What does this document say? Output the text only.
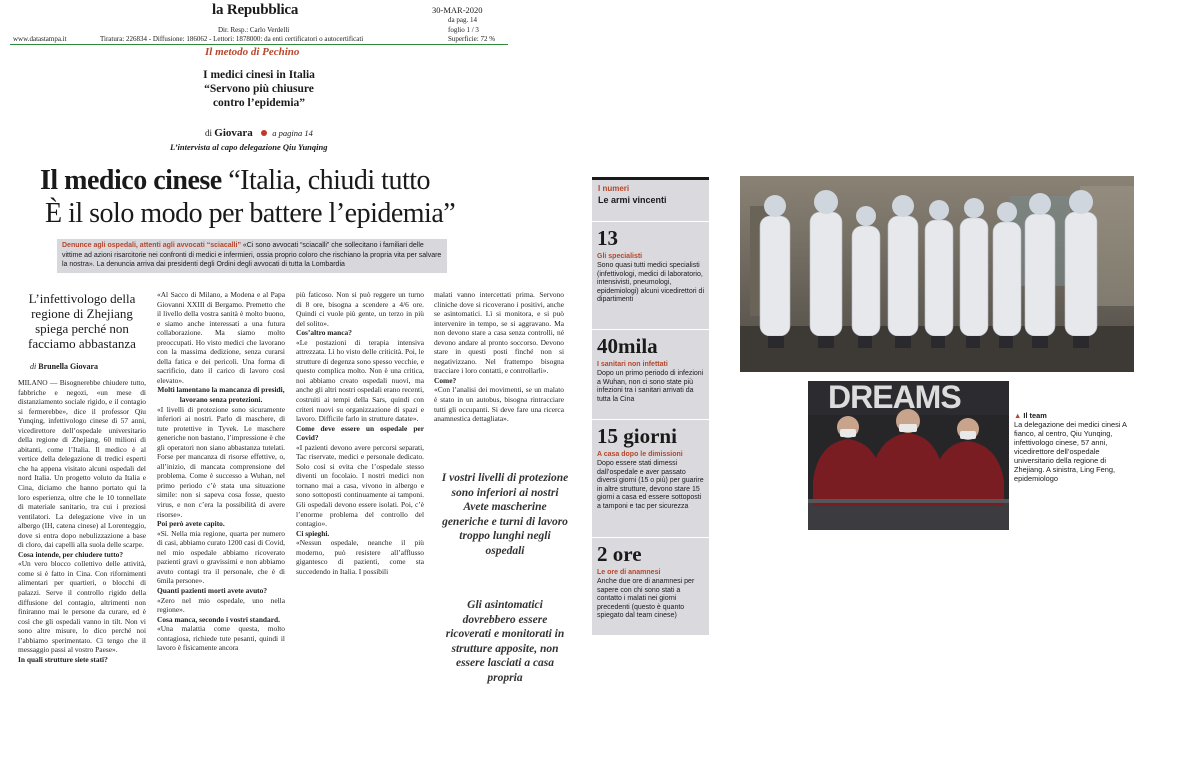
la Repubblica	30-MAR-2020
da pag. 14
Dir. Resp.: Carlo Verdelli	foglio 1 / 3
www.datastampa.it	Tiratura: 226834 - Diffusione: 186062 - Lettori: 1878000: da enti certificatori o autocertificati	Superficie: 72 %
Il metodo di Pechino
I medici cinesi in Italia
“Servono più chiusure
contro l’epidemia”
di Giovara a pagina 14
L’intervista al capo delegazione Qiu Yunqing
Il medico cinese “Italia, chiudi tutto
È il solo modo per battere l’epidemia”
Denunce agli ospedali, attenti agli avvocati “sciacalli” «Ci sono avvocati “sciacalli” che sollecitano i familiari delle vittime ad azioni risarcitorie nei confronti di medici e infermieri, ossia proprio coloro che rischiano la propria vita per salvare la nostra». La denuncia arriva dai presidenti degli Ordini degli avvocati di tutta la Lombardia
L’infettivologo della
regione di Zhejiang
spiega perché non
facciamo abbastanza
di Brunella Giovara

MILANO — Bisognerebbe chiudere tutto, fabbriche e negozi, «un mese di distanziamento sociale rigido, e il contagio si fermerebbe», dice il professor Qiu Yunqing, infettivologo cinese di 57 anni, vicedirettore dell’ospedale universitario della regione di Zhejiang, 60 milioni di abitanti, come l’Italia. Il medico è al vertice della delegazione di tredici esperti che ha appena visitato alcuni ospedali del nord Italia. Un progetto voluto da Italia e Cina, diciamo che hanno portato qui la loro esperienza, oltre che le 10 tonnellate di materiale sanitario, tra cui i preziosi ventilatori. La delegazione vive in un albergo (IH, catena cinese) al Lorenteggio, dove si entra dopo nebulizzazione a base di cloro, dai capelli alla suola delle scarpe.

Cosa intende, per chiudere tutto?

«Un vero blocco collettivo delle attività, come si è fatto in Cina. Con rifornimenti alimentari per quartieri, o blocchi di palazzi. Serve il controllo rigido della diffusione del contagio, altrimenti non finiranno mai le persone da curare, ed è così che gli ospedali vanno in tilt. Non vi sono altre misure, lo dico perché noi l’abbiamo sperimentato. Ci tengo che il messaggio passi al vostro Paese».

In quali strutture siete stati?

«Al Sacco di Milano, a Modena e al Papa Giovanni XXIII di Bergamo. Premetto che il livello della vostra sanità è molto buono, e siamo anche interessati a una futura collaborazione. Ma siamo molto preoccupati. Ho visto medici che lavorano con la massima dedizione, senza curarsi della fatica e dei pericoli. Una forma di sacrificio, dato il carico di lavoro così elevato».

Molti lamentano la mancanza di presidi, lavorano senza protezioni.

«I livelli di protezione sono sicuramente inferiori ai nostri. Parlo di maschere, di tute protettive in Tyvek. Le maschere generiche non bastano, l’impressione è che gli operatori non siano abbastanza tutelati. Forse per mancanza di risorse effettive, o, all’inizio, di mancata comprensione del problema. Come è successo a Wuhan, nel primo periodo c’è stata una situazione simile: non si sapeva cosa fosse, questo virus, e non c’era la possibilità di avere risorse».

Poi però avete capito.

«Sì. Nella mia regione, quarta per numero di casi, abbiamo curato 1200 casi di Covid, nel mio ospedale abbiamo ricoverato pazienti gravi o gravissimi e non abbiamo avuto contagi tra il personale, che è di 6mila persone».

Quanti pazienti morti avete avuto?

«Zero nel mio ospedale, uno nella regione».

Cosa manca, secondo i vostri standard.

«Una malattia come questa, molto contagiosa, richiede tute pesanti, quindi il lavoro è fisicamente ancora

più faticoso. Non si può reggere un turno di 8 ore, bisogna a scendere a 4/6 ore. Quindi ci vuole più gente, un terzo in più del solito».

Cos’altro manca?

«Le postazioni di terapia intensiva attrezzata. Lì ho visto delle criticità. Poi, le strutture di degenza sono spesso vecchie, e questo complica molto. Non è una critica, noi abbiamo creato ospedali nuovi, ma anche gli altri nostri ospedali erano recenti, costruiti ai tempi della Sars, quindi con criteri nuovi su organizzazione di spazi e lavoro. Difficile farlo in strutture datate».

Come deve essere un ospedale per Covid?

«I pazienti devono avere percorsi separati, Tac riservate, medici e personale dedicato. Solo così si evita che l’ospedale stesso diventi un focolaio. I nostri medici non tornano mai a casa, vivono in albergo e sono sottoposti continuamente ai tamponi. Gli ospedali devono essere isolati. Poi, c’è l’enorme problema del controllo del contagio».

Ci spieghi.

«Nessun ospedale, neanche il più moderno, può resistere all’afflusso gigantesco di pazienti, come sta succedendo in Italia. I possibili

malati vanno intercettati prima. Servono cliniche dove si ricoverano i positivi, anche se asintomatici. Lì si monitora, e si può intervenire in tempo, se si aggravano. Ma non devono stare a casa senza controlli, né devono andare al pronto soccorso. Devono stare in questi posti finché non si negativizzano. Nel frattempo bisogna tracciare i loro contatti, e controllarli».

Come?

«Con l’analisi dei movimenti, se un malato è stato in un autobus, bisogna rintracciare tutti gli occupanti. Si deve fare una ricerca anamnestica dettagliata».

I vostri livelli di protezione sono inferiori ai nostri Avete mascherine generiche e turni di lavoro troppo lunghi negli ospedali
Gli asintomatici dovrebbero essere ricoverati e monitorati in strutture apposite, non essere lasciati a casa propria
I numeri
Le armi vincenti
13
Gli specialisti
Sono quasi tutti medici specialisti (infettivologi, medici di laboratorio, intensivisti, pneumologi, epidemiologi) alcuni vicedirettori di dipartimenti
40mila
I sanitari non infettati
Dopo un primo periodo di infezioni a Wuhan, non ci sono state più infezioni tra i sanitari arrivati da tutta la Cina
15 giorni
A casa dopo le dimissioni
Dopo essere stati dimessi dall’ospedale e aver passato diversi giorni (15 o più) per guarire in altre strutture, devono stare 15 giorni a casa ed essere sottoposti a tamponi e tac per sicurezza
2 ore
Le ore di anamnesi
Anche due ore di anamnesi per sapere con chi sono stati a contatto i malati nei giorni precedenti (questo è quanto spiegato dal team cinese)
DREAMS
▲ Il team
La delegazione dei medici cinesi A fianco, al centro, Qiu Yunqing, infettivologo cinese, 57 anni, vicedirettore dell’ospedale universitario della regione di Zhejiang. A sinistra, Ling Feng, epidemiologo
